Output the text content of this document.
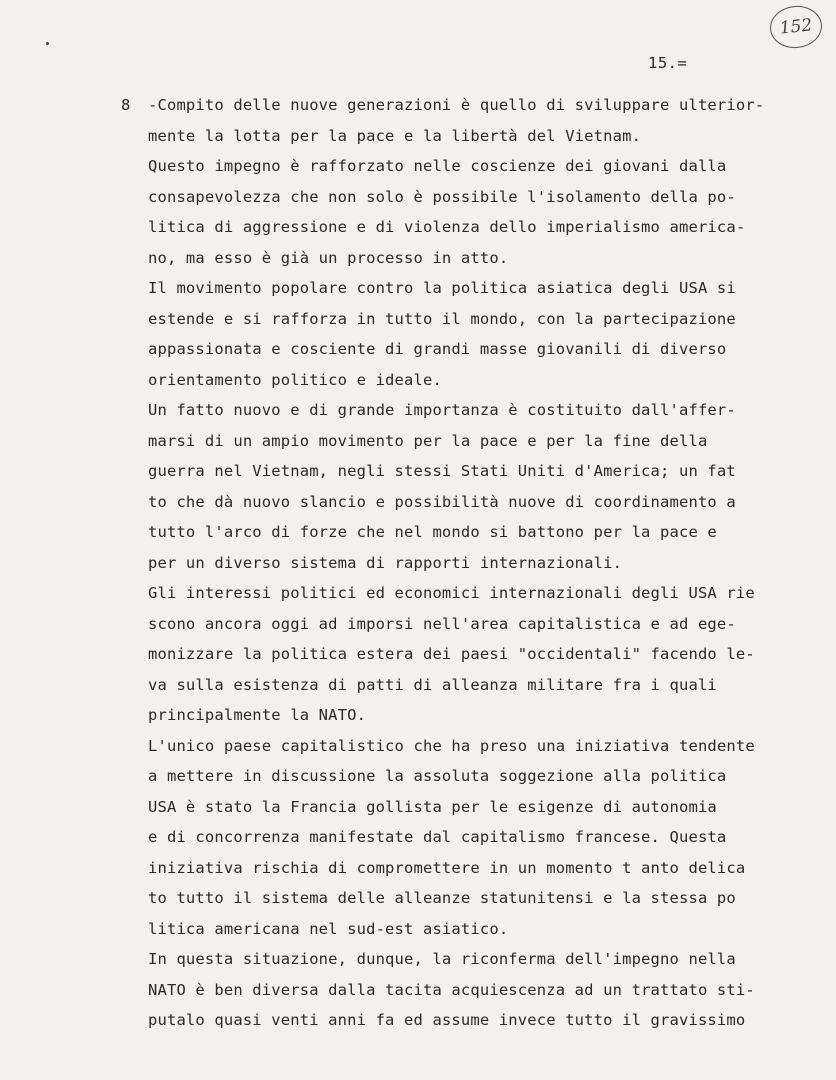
152
15.=
8 -Compito delle nuove generazioni è quello di sviluppare ulterior-
mente la lotta per la pace e la libertà del Vietnam.
Questo impegno è rafforzato nelle coscienze dei giovani dalla
consapevolezza che non solo è possibile l'isolamento della po-
litica di aggressione e di violenza dello imperialismo america-
no, ma esso è già un processo in atto.
Il movimento popolare contro la politica asiatica degli USA si
estende e si rafforza in tutto il mondo, con la partecipazione
appassionata e cosciente di grandi masse giovanili di diverso
orientamento politico e ideale.
Un fatto nuovo e di grande importanza è costituito dall'affer-
marsi di un ampio movimento per la pace e per la fine della
guerra nel Vietnam, negli stessi Stati Uniti d'America; un fat
to che dà nuovo slancio e possibilità nuove di coordinamento a
tutto l'arco di forze che nel mondo si battono per la pace e
per un diverso sistema di rapporti internazionali.
Gli interessi politici ed economici internazionali degli USA rie
scono ancora oggi ad imporsi nell'area capitalistica e ad ege-
monizzare la politica estera dei paesi "occidentali" facendo le-
va sulla esistenza di patti di alleanza militare fra i quali
principalmente la NATO.
L'unico paese capitalistico che ha preso una iniziativa tendente
a mettere in discussione la assoluta soggezione alla politica
USA è stato la Francia gollista per le esigenze di autonomia
e di concorrenza manifestate dal capitalismo francese. Questa
iniziativa rischia di compromettere in un momento t anto delica
to tutto il sistema delle alleanze statunitensi e la stessa po
litica americana nel sud-est asiatico.
In questa situazione, dunque, la riconferma dell'impegno nella
NATO è ben diversa dalla tacita acquiescenza ad un trattato sti-
putalo quasi venti anni fa ed assume invece tutto il gravissimo
